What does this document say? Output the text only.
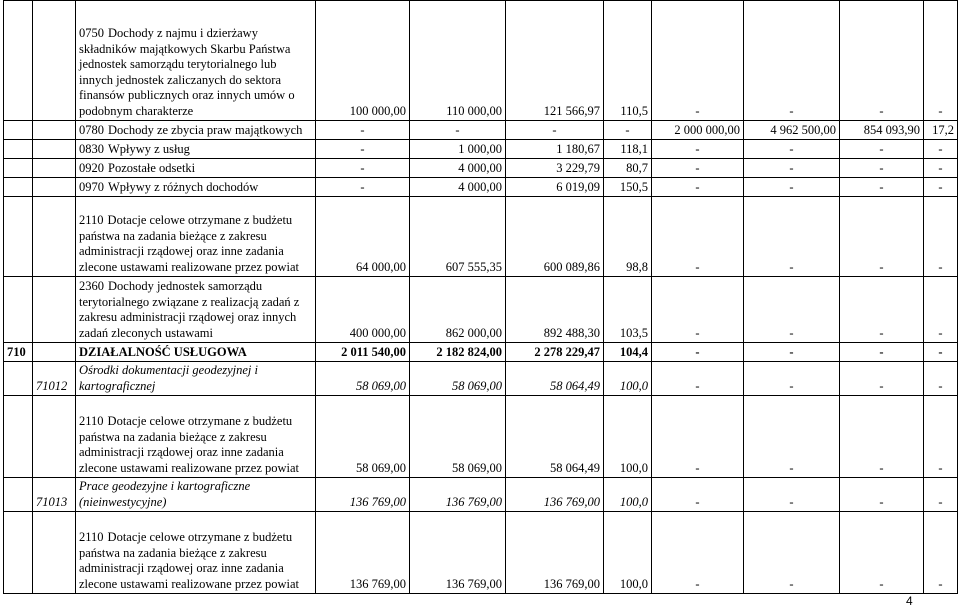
		0750 Dochody z najmu i dzierżawy składników majątkowych Skarbu Państwa jednostek samorządu terytorialnego lub innych jednostek zaliczanych do sektora finansów publicznych oraz innych umów o podobnym charakterze	100 000,00	110 000,00	121 566,97	110,5	-	-	-	-
		0780 Dochody ze zbycia praw majątkowych	-	-	-	-	2 000 000,00	4 962 500,00	854 093,90	17,2
		0830 Wpływy z usług	-	1 000,00	1 180,67	118,1	-	-	-	-
		0920 Pozostałe odsetki	-	4 000,00	3 229,79	80,7	-	-	-	-
		0970 Wpływy z różnych dochodów	-	4 000,00	6 019,09	150,5	-	-	-	-
		2110 Dotacje celowe otrzymane z budżetu państwa na zadania bieżące z zakresu administracji rządowej oraz inne zadania zlecone ustawami realizowane przez powiat	64 000,00	607 555,35	600 089,86	98,8	-	-	-	-
		2360 Dochody jednostek samorządu terytorialnego związane z realizacją zadań z zakresu administracji rządowej oraz innych zadań zleconych ustawami	400 000,00	862 000,00	892 488,30	103,5	-	-	-	-
710		DZIAŁALNOŚĆ USŁUGOWA	2 011 540,00	2 182 824,00	2 278 229,47	104,4	-	-	-	-
	71012	Ośrodki dokumentacji geodezyjnej i kartograficznej	58 069,00	58 069,00	58 064,49	100,0	-	-	-	-
		2110 Dotacje celowe otrzymane z budżetu państwa na zadania bieżące z zakresu administracji rządowej oraz inne zadania zlecone ustawami realizowane przez powiat	58 069,00	58 069,00	58 064,49	100,0	-	-	-	-
	71013	Prace geodezyjne i kartograficzne (nieinwestycyjne)	136 769,00	136 769,00	136 769,00	100,0	-	-	-	-
		2110 Dotacje celowe otrzymane z budżetu państwa na zadania bieżące z zakresu administracji rządowej oraz inne zadania zlecone ustawami realizowane przez powiat	136 769,00	136 769,00	136 769,00	100,0	-	-	-	-
4
